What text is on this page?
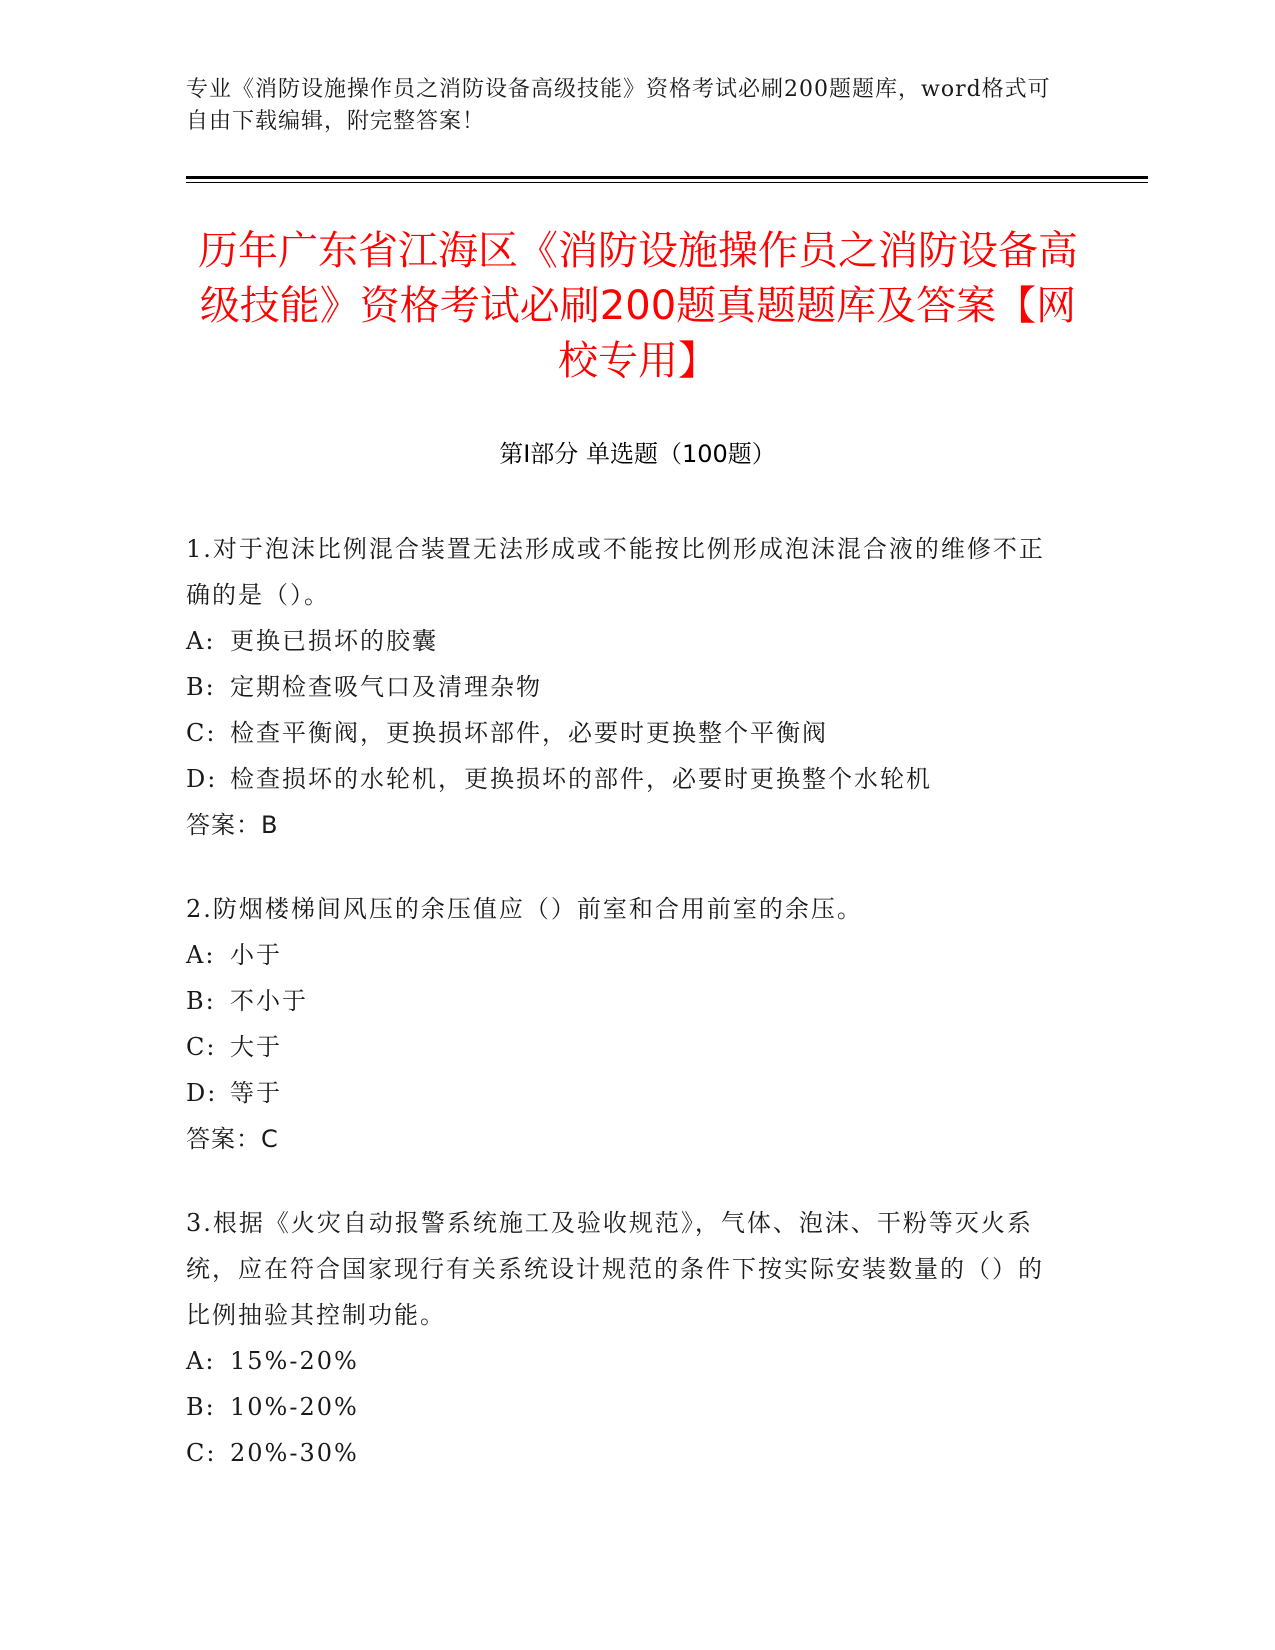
专业《消防设施操作员之消防设备高级技能》资格考试必刷200题题库，word格式可自由下载编辑，附完整答案！
历年广东省江海区《消防设施操作员之消防设备高级技能》资格考试必刷200题真题题库及答案【网校专用】
第Ⅰ部分 单选题（100题）
1.对于泡沫比例混合装置无法形成或不能按比例形成泡沫混合液的维修不正确的是（）。
A: 更换已损坏的胶囊
B: 定期检查吸气口及清理杂物
C: 检查平衡阀，更换损坏部件，必要时更换整个平衡阀
D: 检查损坏的水轮机，更换损坏的部件，必要时更换整个水轮机
答案：B
2.防烟楼梯间风压的余压值应（）前室和合用前室的余压。
A: 小于
B: 不小于
C: 大于
D: 等于
答案：C
3.根据《火灾自动报警系统施工及验收规范》，气体、泡沫、干粉等灭火系统，应在符合国家现行有关系统设计规范的条件下按实际安装数量的（）的比例抽验其控制功能。
A: 15%-20%
B: 10%-20%
C: 20%-30%
